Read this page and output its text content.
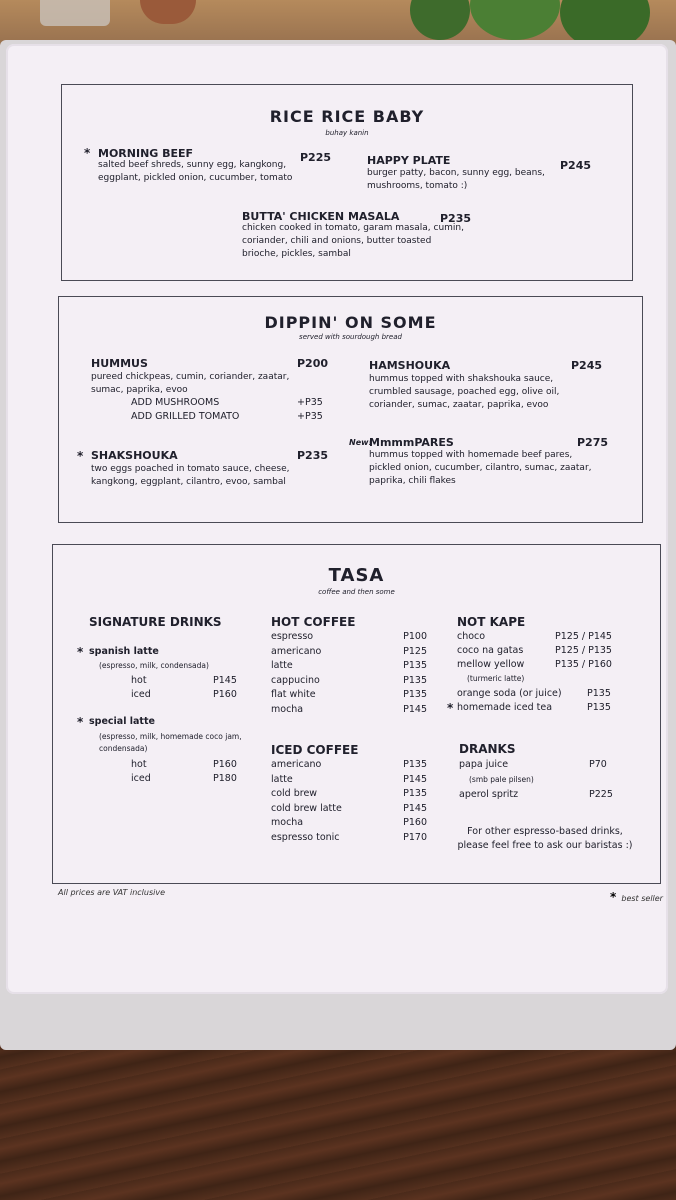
RICE RICE BABY
buhay kanin
* MORNING BEEF	P225
salted beef shreds, sunny egg, kangkong, eggplant, pickled onion, cucumber, tomato
HAPPY PLATE	P245
burger patty, bacon, sunny egg, beans, mushrooms, tomato :)
BUTTA' CHICKEN MASALA	P235
chicken cooked in tomato, garam masala, cumin, coriander, chili and onions, butter toasted brioche, pickles, sambal
DIPPIN' ON SOME
served with sourdough bread
HUMMUS	P200
pureed chickpeas, cumin, coriander, zaatar, sumac, paprika, evoo
ADD MUSHROOMS	+P35
ADD GRILLED TOMATO	+P35
* SHAKSHOUKA	P235
two eggs poached in tomato sauce, cheese, kangkong, eggplant, cilantro, evoo, sambal
HAMSHOUKA	P245
hummus topped with shakshouka sauce, crumbled sausage, poached egg, olive oil, coriander, sumac, zaatar, paprika, evoo
New!
MmmmPARES	P275
hummus topped with homemade beef pares, pickled onion, cucumber, cilantro, sumac, zaatar, paprika, chili flakes
TASA
coffee and then some
SIGNATURE DRINKS
* spanish latte
(espresso, milk, condensada)
hot	P145
iced	P160
* special latte
(espresso, milk, homemade coco jam, condensada)
hot	P160
iced	P180
HOT COFFEE
espresso	P100
americano	P125
latte	P135
cappucino	P135
flat white	P135
mocha	P145
ICED COFFEE
americano	P135
latte	P145
cold brew	P135
cold brew latte	P145
mocha	P160
espresso tonic	P170
NOT KAPE
choco	P125 / P145
coco na gatas	P125 / P135
mellow yellow	P135 / P160
(turmeric latte)
orange soda (or juice)	P135
* homemade iced tea	P135
DRANKS
papa juice	P70
(smb pale pilsen)
aperol spritz	P225
For other espresso-based drinks,
please feel free to ask our baristas :)
All prices are VAT inclusive	* best seller
